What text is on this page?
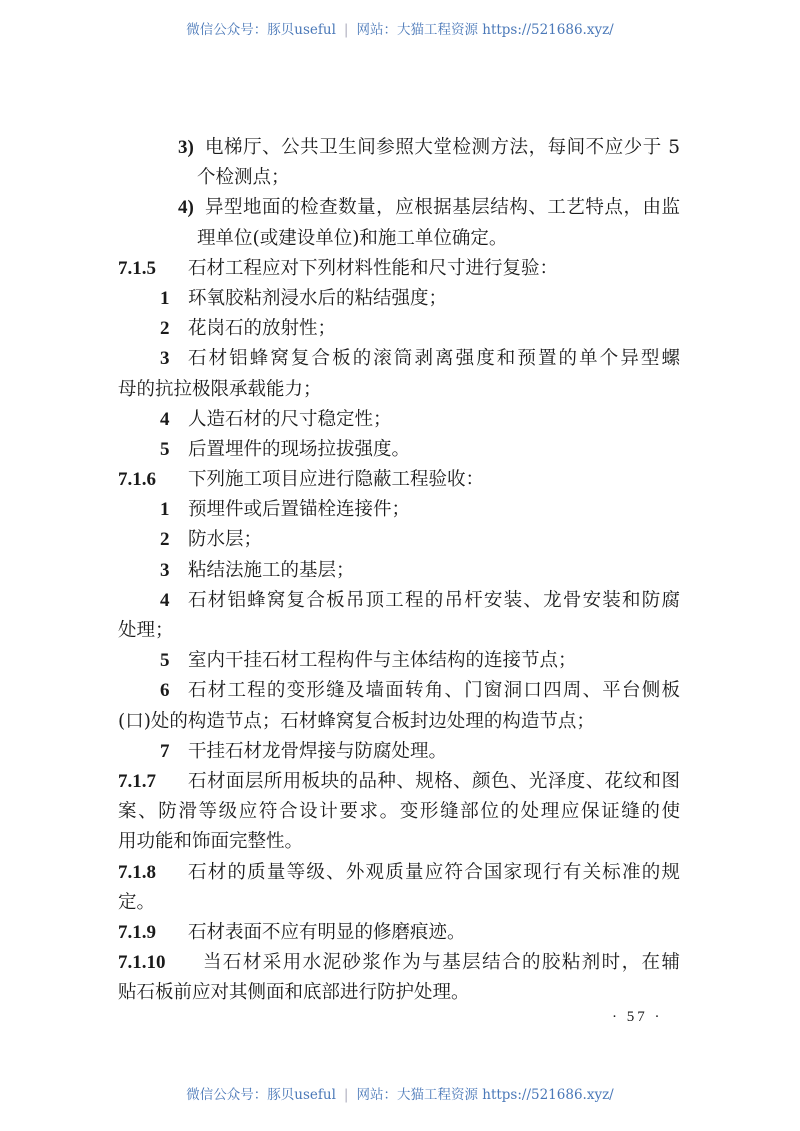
微信公众号：豚贝useful | 网站：大猫工程资源 https://521686.xyz/
3) 电梯厅、公共卫生间参照大堂检测方法，每间不应少于 5
个检测点；
4) 异型地面的检查数量，应根据基层结构、工艺特点，由监
理单位(或建设单位)和施工单位确定。
7.1.5 石材工程应对下列材料性能和尺寸进行复验：
1 环氧胶粘剂浸水后的粘结强度；
2 花岗石的放射性；
3 石材铝蜂窝复合板的滚筒剥离强度和预置的单个异型螺
母的抗拉极限承载能力；
4 人造石材的尺寸稳定性；
5 后置埋件的现场拉拔强度。
7.1.6 下列施工项目应进行隐蔽工程验收：
1 预埋件或后置锚栓连接件；
2 防水层；
3 粘结法施工的基层；
4 石材铝蜂窝复合板吊顶工程的吊杆安装、龙骨安装和防腐
处理；
5 室内干挂石材工程构件与主体结构的连接节点；
6 石材工程的变形缝及墙面转角、门窗洞口四周、平台侧板
(口)处的构造节点；石材蜂窝复合板封边处理的构造节点；
7 干挂石材龙骨焊接与防腐处理。
7.1.7 石材面层所用板块的品种、规格、颜色、光泽度、花纹和图
案、防滑等级应符合设计要求。变形缝部位的处理应保证缝的使
用功能和饰面完整性。
7.1.8 石材的质量等级、外观质量应符合国家现行有关标准的规
定。
7.1.9 石材表面不应有明显的修磨痕迹。
7.1.10 当石材采用水泥砂浆作为与基层结合的胶粘剂时，在辅
贴石板前应对其侧面和底部进行防护处理。
· 57 ·
微信公众号：豚贝useful | 网站：大猫工程资源 https://521686.xyz/
